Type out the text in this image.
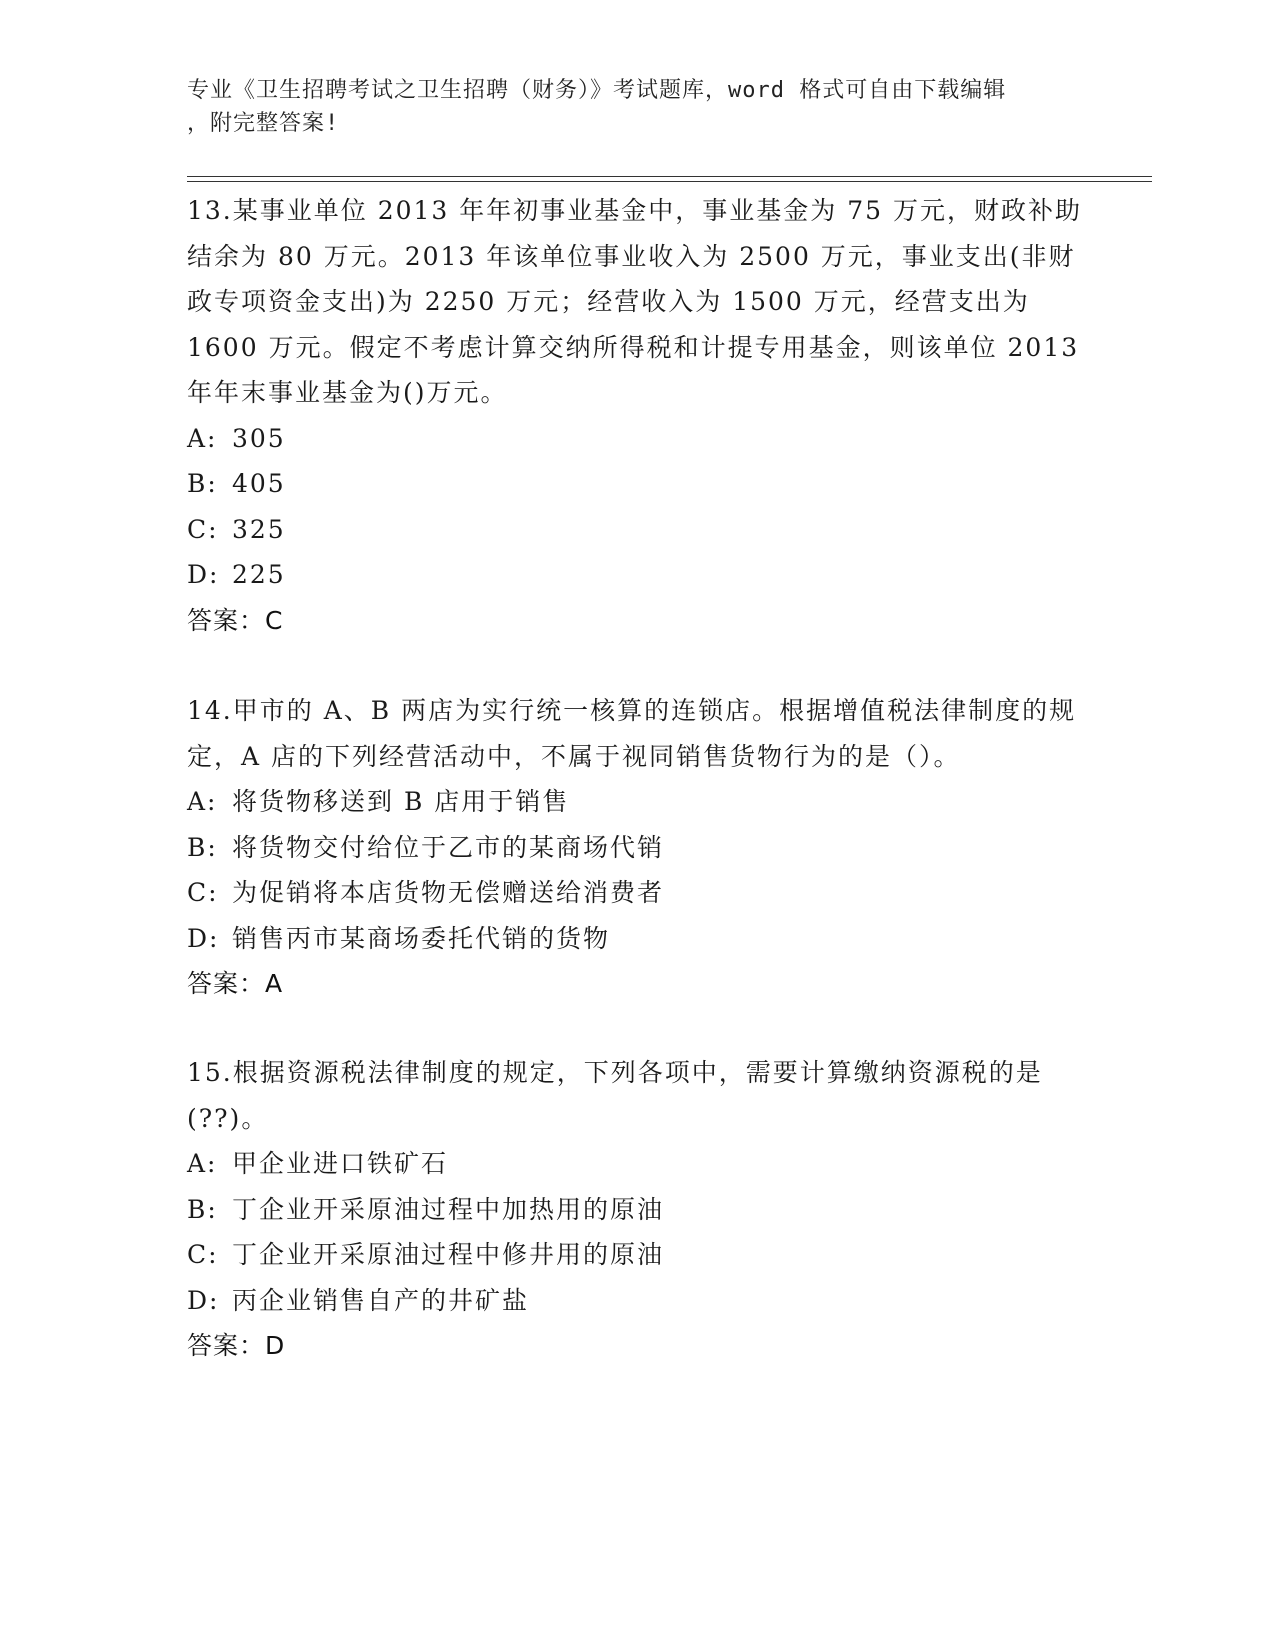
专业《卫生招聘考试之卫生招聘（财务）》考试题库，word 格式可自由下载编辑
，附完整答案!

13.某事业单位 2013 年年初事业基金中，事业基金为 75 万元，财政补助结余为 80 万元。2013 年该单位事业收入为 2500 万元，事业支出(非财政专项资金支出)为 2250 万元；经营收入为 1500 万元，经营支出为 1600 万元。假定不考虑计算交纳所得税和计提专用基金，则该单位 2013 年年末事业基金为()万元。

A: 305
B: 405
C: 325
D: 225
答案：C

14.甲市的 A、B 两店为实行统一核算的连锁店。根据增值税法律制度的规定，A 店的下列经营活动中，不属于视同销售货物行为的是（）。

A: 将货物移送到 B 店用于销售
B: 将货物交付给位于乙市的某商场代销
C: 为促销将本店货物无偿赠送给消费者
D: 销售丙市某商场委托代销的货物
答案：A

15.根据资源税法律制度的规定，下列各项中，需要计算缴纳资源税的是(??)。

A: 甲企业进口铁矿石
B: 丁企业开采原油过程中加热用的原油
C: 丁企业开采原油过程中修井用的原油
D: 丙企业销售自产的井矿盐
答案：D
